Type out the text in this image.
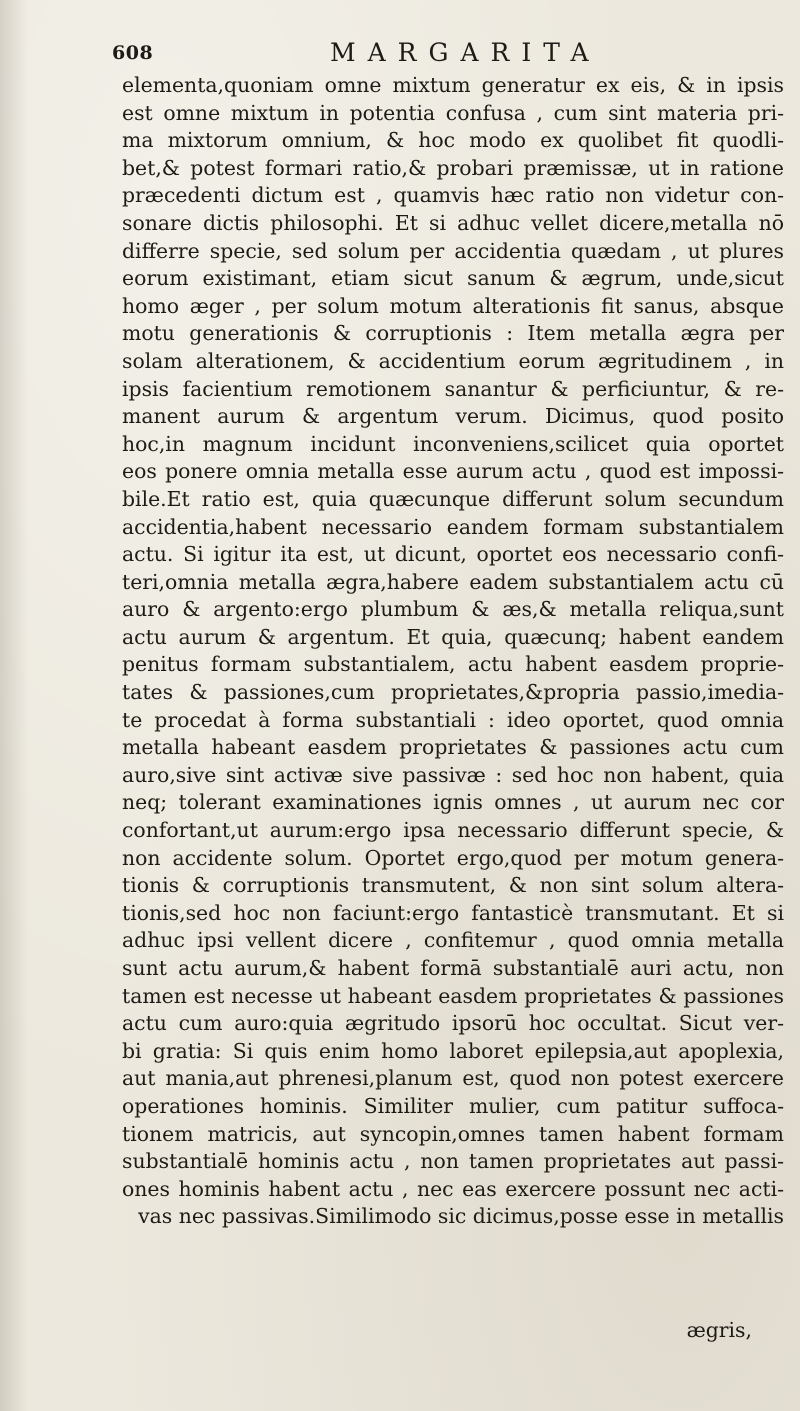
608	MARGARITA
elementa,quoniam omne mixtum generatur ex eis, & in ipsis
est omne mixtum in potentia confusa , cum sint materia pri-
ma mixtorum omnium, & hoc modo ex quolibet fit quodli-
bet,& potest formari ratio,& probari præmissæ, ut in ratione
præcedenti dictum est , quamvis hæc ratio non videtur con-
sonare dictis philosophi. Et si adhuc vellet dicere,metalla nō
differre specie, sed solum per accidentia quædam , ut plures
eorum existimant, etiam sicut sanum & ægrum, unde,sicut
homo æger , per solum motum alterationis fit sanus, absque
motu generationis & corruptionis : Item metalla ægra per
solam alterationem, & accidentium eorum ægritudinem , in
ipsis facientium remotionem sanantur & perficiuntur, & re-
manent aurum & argentum verum. Dicimus, quod posito
hoc,in magnum incidunt inconveniens,scilicet quia oportet
eos ponere omnia metalla esse aurum actu , quod est impossi-
bile.Et ratio est, quia quæcunque differunt solum secundum
accidentia,habent necessario eandem formam substantialem
actu. Si igitur ita est, ut dicunt, oportet eos necessario confi-
teri,omnia metalla ægra,habere eadem substantialem actu cū
auro & argento:ergo plumbum & æs,& metalla reliqua,sunt
actu aurum & argentum. Et quia, quæcunq; habent eandem
penitus formam substantialem, actu habent easdem proprie-
tates & passiones,cum proprietates,&propria passio,imedia-
te procedat à forma substantiali : ideo oportet, quod omnia
metalla habeant easdem proprietates & passiones actu cum
auro,sive sint activæ sive passivæ : sed hoc non habent, quia
neq; tolerant examinationes ignis omnes , ut aurum nec cor
confortant,ut aurum:ergo ipsa necessario differunt specie, &
non accidente solum. Oportet ergo,quod per motum genera-
tionis & corruptionis transmutent, & non sint solum altera-
tionis,sed hoc non faciunt:ergo fantasticè transmutant. Et si
adhuc ipsi vellent dicere , confitemur , quod omnia metalla
sunt actu aurum,& habent formā substantialē auri actu, non
tamen est necesse ut habeant easdem proprietates & passiones
actu cum auro:quia ægritudo ipsorū hoc occultat. Sicut ver-
bi gratia: Si quis enim homo laboret epilepsia,aut apoplexia,
aut mania,aut phrenesi,planum est, quod non potest exercere
operationes hominis. Similiter mulier, cum patitur suffoca-
tionem matricis, aut syncopin,omnes tamen habent formam
substantialē hominis actu , non tamen proprietates aut passi-
ones hominis habent actu , nec eas exercere possunt nec acti-
vas nec passivas.Similimodo sic dicimus,posse esse in metallis
ægris,
